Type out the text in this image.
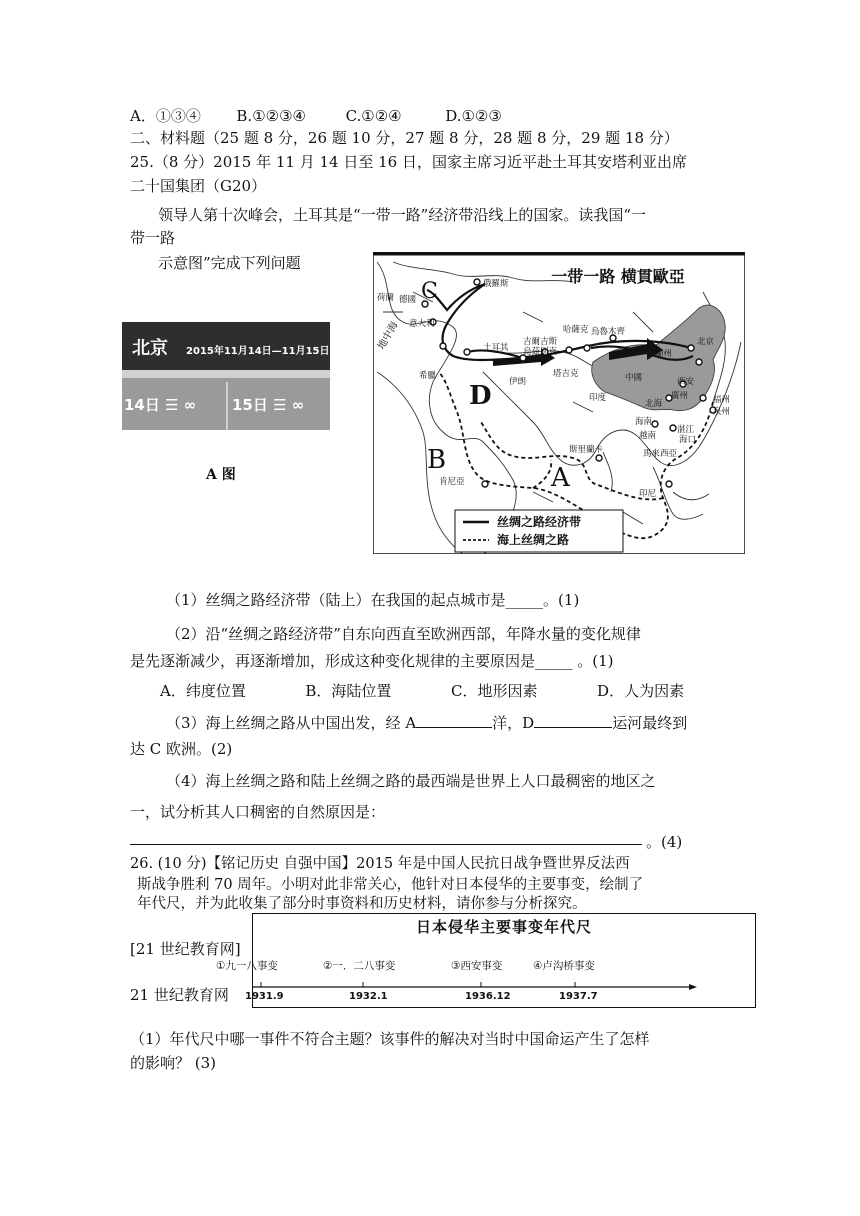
A．①③④ B.①②③④	C.①②④	D.①②③
二、材料题（25 题 8 分，26 题 10 分，27 题 8 分，28 题 8 分，29 题 18 分）
25.（8 分）2015 年 11 月 14 日至 16 日，国家主席习近平赴土耳其安塔利亚出席
二十国集团（G20）
领导人第十次峰会，土耳其是“一带一路”经济带沿线上的国家。读我国“一
带一路
示意图”完成下列问题
北京 2015年11月14日—11月15日
14日 ☰ ∞ 15日 ☰ ∞
A 图
一带一路 横貫歐亞
C
D
B
A
俄羅斯
荷蘭 德國
意大利
希臘
土耳其
伊朗
吉爾吉斯
烏茲別克
哈薩克 烏魯木齊
蘭州
北京
西安
塔吉克	中國
印度	廣州	福州
泉州
北海
海南
湛江
海口
越南
斯里蘭卡	馬來西亞
肯尼亞
印尼
地中海
丝绸之路经济带
海上丝绸之路
（1）丝绸之路经济带（陆上）在我国的起点城市是_____。(1)
（2）沿“丝绸之路经济带”自东向西直至欧洲西部，年降水量的变化规律
是先逐渐减少，再逐渐增加，形成这种变化规律的主要原因是_____ 。(1)
A．纬度位置	B．海陆位置	C．地形因素	D．人为因素
（3）海上丝绸之路从中国出发，经 A	洋，D	运河最终到
达 C 欧洲。(2)
（4）海上丝绸之路和陆上丝绸之路的最西端是世界上人口最稠密的地区之
一，试分析其人口稠密的自然原因是：
。(4)
26. (10 分)【铭记历史 自强中国】2015 年是中国人民抗日战争暨世界反法西
斯战争胜利 70 周年。小明对此非常关心，他针对日本侵华的主要事变，绘制了
年代尺，并为此收集了部分时事资料和历史材料，请你参与分析探究。
[21 世纪教育网]
21 世纪教育网
日本侵华主要事变年代尺
①九一八事变	②一．二八事变	③西安事变	④卢沟桥事变
1931.9	1932.1	1936.12	1937.7
（1）年代尺中哪一事件不符合主题？该事件的解决对当时中国命运产生了怎样
的影响？ (3)
